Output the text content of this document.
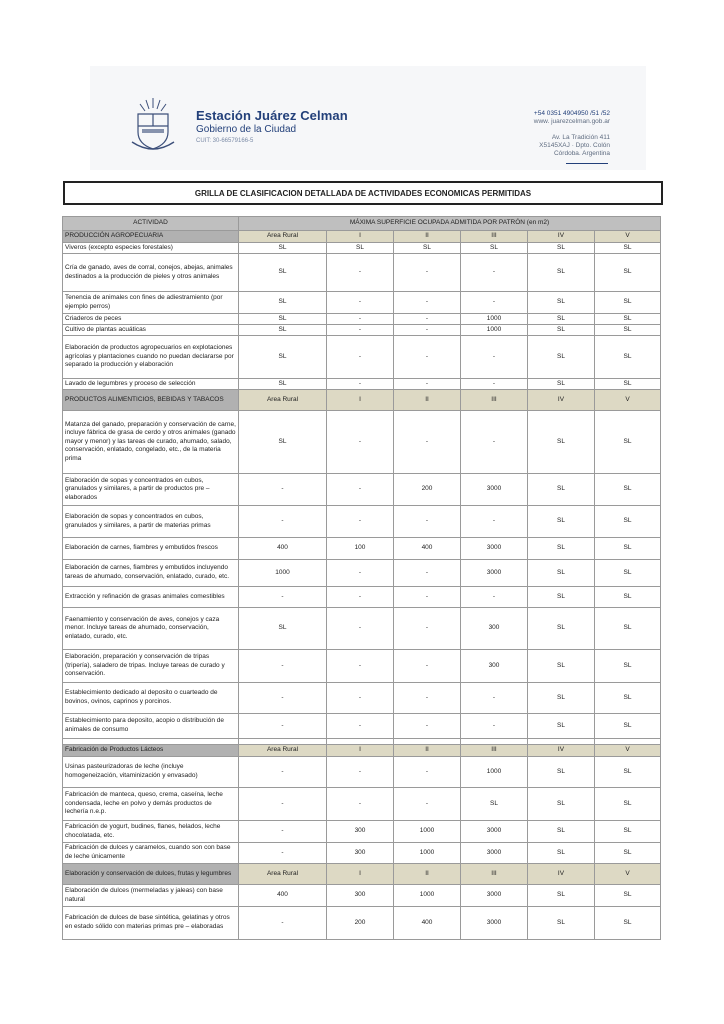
Estación Juárez Celman
Gobierno de la Ciudad
CUIT: 30-66579166-5
+54 0351 4904950 /51 /52
www. juarezcelman.gob.ar
Av. La Tradición 411
X5145XAJ · Dpto. Colón
Córdoba. Argentina
GRILLA DE CLASIFICACION DETALLADA DE ACTIVIDADES ECONOMICAS PERMITIDAS
ACTIVIDAD	MÁXIMA SUPERFICIE OCUPADA ADMITIDA POR PATRÓN (en m2)					
PRODUCCIÓN AGROPECUARIA	Area Rural	I	II	III	IV	V
Viveros (excepto especies forestales)	SL	SL	SL	SL	SL	SL
Cría de ganado, aves de corral, conejos, abejas, animales destinados a la producción de pieles y otros animales	SL	-	-	-	SL	SL
Tenencia de animales con fines de adiestramiento (por ejemplo perros)	SL	-	-	-	SL	SL
Criaderos de peces	SL	-	-	1000	SL	SL
Cultivo de plantas acuáticas	SL	-	-	1000	SL	SL
Elaboración de productos agropecuarios en explotaciones agrícolas y plantaciones cuando no puedan declararse por separado la producción y elaboración	SL	-	-	-	SL	SL
Lavado de legumbres y proceso de selección	SL	-	-	-	SL	SL
PRODUCTOS ALIMENTICIOS, BEBIDAS Y TABACOS	Area Rural	I	II	III	IV	V
Matanza del ganado, preparación y conservación de carne, incluye fábrica de grasa de cerdo y otros animales (ganado mayor y menor) y las tareas de curado, ahumado, salado, conservación, enlatado, congelado, etc., de la materia prima	SL	-	-	-	SL	SL
Elaboración de sopas y concentrados en cubos, granulados y similares, a partir de productos pre – elaborados	-	-	200	3000	SL	SL
Elaboración de sopas y concentrados en cubos, granulados y similares, a partir de materias primas	-	-	-	-	SL	SL
Elaboración de carnes, fiambres y embutidos frescos	400	100	400	3000	SL	SL
Elaboración de carnes, fiambres y embutidos incluyendo tareas de ahumado, conservación, enlatado, curado, etc.	1000	-	-	3000	SL	SL
Extracción y refinación de grasas animales comestibles	-	-	-	-	SL	SL
Faenamiento y conservación de aves, conejos y caza menor. Incluye tareas de ahumado, conservación, enlatado, curado, etc.	SL	-	-	300	SL	SL
Elaboración, preparación y conservación de tripas (tripería), saladero de tripas. Incluye tareas de curado y conservación.	-	-	-	300	SL	SL
Establecimiento dedicado al deposito o cuarteado de bovinos, ovinos, caprinos y porcinos.	-	-	-	-	SL	SL
Establecimiento para deposito, acopio o distribución de animales de consumo	-	-	-	-	SL	SL

Fabricación de Productos Lácteos	Area Rural	I	II	III	IV	V
Usinas pasteurizadoras de leche (incluye homogeneización, vitaminización y envasado)	-	-	-	1000	SL	SL
Fabricación de manteca, queso, crema, caseína, leche condensada, leche en polvo y demás productos de lechería n.e.p.	-	-	-	SL	SL	SL
Fabricación de yogurt, budines, flanes, helados, leche chocolatada, etc.	-	300	1000	3000	SL	SL
Fabricación de dulces y caramelos, cuando son con base de leche únicamente	-	300	1000	3000	SL	SL
Elaboración y conservación de dulces, frutas y legumbres	Area Rural	I	II	III	IV	V
Elaboración de dulces (mermeladas y jaleas) con base natural	400	300	1000	3000	SL	SL
Fabricación de dulces de base sintética, gelatinas y otros en estado sólido con materias primas pre – elaboradas	-	200	400	3000	SL	SL
